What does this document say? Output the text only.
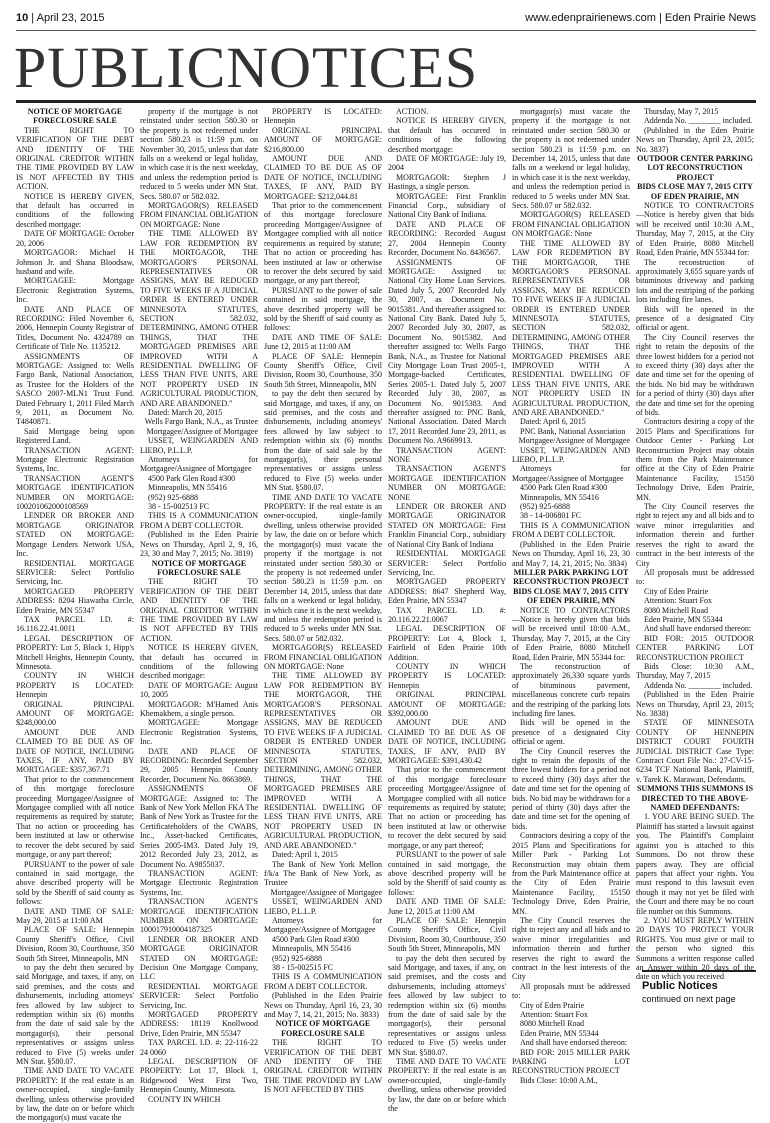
10 | April 23, 2015	www.edenprairienews.com | Eden Prairie News
PUBLICNOTICES

NOTICE OF MORTGAGE FORECLOSURE SALE

THE RIGHT TO VERIFICATION OF THE DEBT AND IDENTITY OF THE ORIGINAL CREDITOR WITHIN THE TIME PROVIDED BY LAW IS NOT AFFECTED BY THIS ACTION.

NOTICE IS HEREBY GIVEN, that default has occurred in conditions of the following described mortgage:

DATE OF MORTGAGE: October 20, 2006

MORTGAGOR: Michael H Johnson Jr. and Shana Bloodsaw, husband and wife.

MORTGAGEE: Mortgage Electronic Registration Systems, Inc.

DATE AND PLACE OF RECORDING: Filed November 6, 2006, Hennepin County Registrar of Titles, Document No. 4324789 on Certificate of Title No. 1135212.

ASSIGNMENTS OF MORTGAGE: Assigned to: Wells Fargo Bank, National Association, as Trustee for the Holders of the SASCO 2007-MLN1 Trust Fund. Dated February 1, 2011 Filed March 9, 2011, as Document No. T4840871.

Said Mortgage being upon Registered Land.

TRANSACTION AGENT: Mortgage Electronic Registration Systems, Inc.

TRANSACTION AGENT'S MORTGAGE IDENTIFICATION NUMBER ON MORTGAGE: 100201062000108569

LENDER OR BROKER AND MORTGAGE ORIGINATOR STATED ON MORTGAGE: Mortgage Lenders Network USA, Inc.

RESIDENTIAL MORTGAGE SERVICER: Select Portfolio Servicing, Inc.

MORTGAGED PROPERTY ADDRESS: 8204 Hiawatha Circle, Eden Prairie, MN 55347

TAX PARCEL I.D. #: 16.116.22.41.0011

LEGAL DESCRIPTION OF PROPERTY: Lot 5, Block 1, Hipp's Mitchell Heights, Hennepin County, Minnesota.

COUNTY IN WHICH PROPERTY IS LOCATED: Hennepin

ORIGINAL PRINCIPAL AMOUNT OF MORTGAGE: $248,000.00

AMOUNT DUE AND CLAIMED TO BE DUE AS OF DATE OF NOTICE, INCLUDING TAXES, IF ANY, PAID BY MORTGAGEE: $357,367.71

That prior to the commencement of this mortgage foreclosure proceeding Mortgagee/Assignee of Mortgagee complied with all notice requirements as required by statute; That no action or proceeding has been instituted at law or otherwise to recover the debt secured by said mortgage, or any part thereof;

PURSUANT to the power of sale contained in said mortgage, the above described property will be sold by the Sheriff of said county as follows:

DATE AND TIME OF SALE: May 29, 2015 at 11:00 AM

PLACE OF SALE: Hennepin County Sheriff's Office, Civil Division, Room 30, Courthouse, 350 South 5th Street, Minneapolis, MN

to pay the debt then secured by said Mortgage, and taxes, if any, on said premises, and the costs and disbursements, including attorneys' fees allowed by law subject to redemption within six (6) months from the date of said sale by the mortgagor(s), their personal representatives or assigns unless reduced to Five (5) weeks under MN Stat. §580.07.

TIME AND DATE TO VACATE PROPERTY: If the real estate is an owner-occupied, single-family dwelling, unless otherwise provided by law, the date on or before which the mortgagor(s) must vacate the

property if the mortgage is not reinstated under section 580.30 or the property is not redeemed under section 580.23 is 11:59 p.m. on November 30, 2015, unless that date falls on a weekend or legal holiday, in which case it is the next weekday, and unless the redemption period is reduced to 5 weeks under MN Stat. Secs. 580.07 or 582.032.

MORTGAGOR(S) RELEASED FROM FINANCIAL OBLIGATION ON MORTGAGE: None

THE TIME ALLOWED BY LAW FOR REDEMPTION BY THE MORTGAGOR, THE MORTGAGOR'S PERSONAL REPRESENTATIVES OR ASSIGNS, MAY BE REDUCED TO FIVE WEEKS IF A JUDICIAL ORDER IS ENTERED UNDER MINNESOTA STATUTES, SECTION 582.032, DETERMINING, AMONG OTHER THINGS, THAT THE MORTGAGED PREMISES ARE IMPROVED WITH A RESIDENTIAL DWELLING OF LESS THAN FIVE UNITS, ARE NOT PROPERTY USED IN AGRICULTURAL PRODUCTION, AND ARE ABANDONED."

Dated: March 20, 2015

Wells Fargo Bank, N.A., as Trustee

Mortgagee/Assignee of Mortgagee

USSET, WEINGARDEN AND LIEBO, P.L.L.P.

Attorneys for Mortgagee/Assignee of Mortgagee

4500 Park Glen Road #300

Minneapolis, MN 55416

(952) 925-6888

38 - 15-002513 FC

THIS IS A COMMUNICATION FROM A DEBT COLLECTOR.

(Published in the Eden Prairie News on Thursday, April 2, 9, 16, 23, 30 and May 7, 2015; No. 3819)

NOTICE OF MORTGAGE FORECLOSURE SALE

THE RIGHT TO VERIFICATION OF THE DEBT AND IDENTITY OF THE ORIGINAL CREDITOR WITHIN THE TIME PROVIDED BY LAW IS NOT AFFECTED BY THIS ACTION.

NOTICE IS HEREBY GIVEN, that default has occurred in conditions of the following described mortgage:

DATE OF MORTGAGE: August 10, 2005

MORTGAGOR: M'Hamed Anis Khemakhem, a single person.

MORTGAGEE: Mortgage Electronic Registration Systems, Inc.

DATE AND PLACE OF RECORDING: Recorded September 29, 2005 Hennepin County Recorder, Document No. 8663869.

ASSIGNMENTS OF MORTGAGE: Assigned to: The Bank of New York Mellon FKA The Bank of New York as Trustee for the Certificateholders of the CWABS, Inc., Asset-backed Certificates, Series 2005-IM3. Dated July 19, 2012 Recorded July 23, 2012, as Document No. A9855037.

TRANSACTION AGENT: Mortgage Electronic Registration Systems, Inc.

TRANSACTION AGENT'S MORTGAGE IDENTIFICATION NUMBER ON MORTGAGE: 100017910004187325

LENDER OR BROKER AND MORTGAGE ORIGINATOR STATED ON MORTGAGE: Decision One Mortgage Company, LLC

RESIDENTIAL MORTGAGE SERVICER: Select Portfolio Servicing, Inc.

MORTGAGED PROPERTY ADDRESS: 18119 Knollwood Drive, Eden Prairie, MN 55347

TAX PARCEL I.D. #: 22-116-22 24 0060

LEGAL DESCRIPTION OF PROPERTY: Lot 17, Block 1, Ridgewood West First Two, Hennepin County, Minnesota.

COUNTY IN WHICH

PROPERTY IS LOCATED: Hennepin

ORIGINAL PRINCIPAL AMOUNT OF MORTGAGE: $216,800.00

AMOUNT DUE AND CLAIMED TO BE DUE AS OF DATE OF NOTICE, INCLUDING TAXES, IF ANY, PAID BY MORTGAGEE: $212,044.81

That prior to the commencement of this mortgage foreclosure proceeding Mortgagee/Assignee of Mortgagee complied with all notice requirements as required by statute; That no action or proceeding has been instituted at law or otherwise to recover the debt secured by said mortgage, or any part thereof;

PURSUANT to the power of sale contained in said mortgage, the above described property will be sold by the Sheriff of said county as follows:

DATE AND TIME OF SALE: June 12, 2015 at 11:00 AM

PLACE OF SALE: Hennepin County Sheriff's Office, Civil Division, Room 30, Courthouse, 350 South 5th Street, Minneapolis, MN

to pay the debt then secured by said Mortgage, and taxes, if any, on said premises, and the costs and disbursements, including attorneys' fees allowed by law subject to redemption within six (6) months from the date of said sale by the mortgagor(s), their personal representatives or assigns unless reduced to Five (5) weeks under MN Stat. §580.07.

TIME AND DATE TO VACATE PROPERTY: If the real estate is an owner-occupied, single-family dwelling, unless otherwise provided by law, the date on or before which the mortgagor(s) must vacate the property if the mortgage is not reinstated under section 580.30 or the property is not redeemed under section 580.23 is 11:59 p.m. on December 14, 2015, unless that date falls on a weekend or legal holiday, in which case it is the next weekday, and unless the redemption period is reduced to 5 weeks under MN Stat. Secs. 580.07 or 582.032.

MORTGAGOR(S) RELEASED FROM FINANCIAL OBLIGATION ON MORTGAGE: None

THE TIME ALLOWED BY LAW FOR REDEMPTION BY THE MORTGAGOR, THE MORTGAGOR'S PERSONAL REPRESENTATIVES OR ASSIGNS, MAY BE REDUCED TO FIVE WEEKS IF A JUDICIAL ORDER IS ENTERED UNDER MINNESOTA STATUTES, SECTION 582.032, DETERMINING, AMONG OTHER THINGS, THAT THE MORTGAGED PREMISES ARE IMPROVED WITH A RESIDENTIAL DWELLING OF LESS THAN FIVE UNITS, ARE NOT PROPERTY USED IN AGRICULTURAL PRODUCTION, AND ARE ABANDONED."

Dated: April 1, 2015

The Bank of New York Mellon f/k/a The Bank of New York, as Trustee

Mortgagee/Assignee of Mortgagee

USSET, WEINGARDEN AND LIEBO, P.L.L.P.

Attorneys for Mortgagee/Assignee of Mortgagee

4500 Park Glen Road #300

Minneapolis, MN 55416

(952) 925-6888

38 - 15-002515 FC

THIS IS A COMMUNICATION FROM A DEBT COLLECTOR.

(Published in the Eden Prairie News on Thursday, April 16, 23, 30 and May 7, 14, 21, 2015; No. 3833)

NOTICE OF MORTGAGE FORECLOSURE SALE

THE RIGHT TO VERIFICATION OF THE DEBT AND IDENTITY OF THE ORIGINAL CREDITOR WITHIN THE TIME PROVIDED BY LAW IS NOT AFFECTED BY THIS

ACTION.

NOTICE IS HEREBY GIVEN, that default has occurred in conditions of the following described mortgage:

DATE OF MORTGAGE: July 19, 2004

MORTGAGOR: Stephen J Hastings, a single person.

MORTGAGEE: First Franklin Financial Corp., subsidiary of National City Bank of Indiana.

DATE AND PLACE OF RECORDING: Recorded August 27, 2004 Hennepin County Recorder, Document No. 8436567.

ASSIGNMENTS OF MORTGAGE: Assigned to: National City Home Loan Services. Dated July 5, 2007 Recorded July 30, 2007, as Document No. 9015381. And thereafter assigned to: National City Bank. Dated July 5, 2007 Recorded July 30, 2007, as Document No. 9015382. And thereafter assigned to: Wells Fargo Bank, N.A., as Trustee for National City Mortgage Loan Trust 2005-1, Mortgage-backed Certificates, Series 2005-1. Dated July 5, 2007 Recorded July 30, 2007, as Document No. 9015383. And thereafter assigned to: PNC Bank, National Association. Dated March 17, 2011 Recorded June 23, 2011, as Document No. A9669913.

TRANSACTION AGENT: NONE

TRANSACTION AGENT'S MORTGAGE IDENTIFICATION NUMBER ON MORTGAGE: NONE

LENDER OR BROKER AND MORTGAGE ORIGINATOR STATED ON MORTGAGE: First Franklin Financial Corp., subsidiary of National City Bank of Indiana

RESIDENTIAL MORTGAGE SERVICER: Select Portfolio Servicing, Inc.

MORTGAGED PROPERTY ADDRESS: 8647 Shepherd Way, Eden Prairie, MN 55347

TAX PARCEL I.D. #: 20.116.22.21.0067

LEGAL DESCRIPTION OF PROPERTY: Lot 4, Block 1, Fairfield of Eden Prairie 10th Addition.

COUNTY IN WHICH PROPERTY IS LOCATED: Hennepin

ORIGINAL PRINCIPAL AMOUNT OF MORTGAGE: $392,000.00

AMOUNT DUE AND CLAIMED TO BE DUE AS OF DATE OF NOTICE, INCLUDING TAXES, IF ANY, PAID BY MORTGAGEE: $391,430.42

That prior to the commencement of this mortgage foreclosure proceeding Mortgagee/Assignee of Mortgagee complied with all notice requirements as required by statute; That no action or proceeding has been instituted at law or otherwise to recover the debt secured by said mortgage, or any part thereof;

PURSUANT to the power of sale contained in said mortgage, the above described property will be sold by the Sheriff of said county as follows:

DATE AND TIME OF SALE: June 12, 2015 at 11:00 AM

PLACE OF SALE: Hennepin County Sheriff's Office, Civil Division, Room 30, Courthouse, 350 South 5th Street, Minneapolis, MN

to pay the debt then secured by said Mortgage, and taxes, if any, on said premises, and the costs and disbursements, including attorneys' fees allowed by law subject to redemption within six (6) months from the date of said sale by the mortgagor(s), their personal representatives or assigns unless reduced to Five (5) weeks under MN Stat. §580.07.

TIME AND DATE TO VACATE PROPERTY: If the real estate is an owner-occupied, single-family dwelling, unless otherwise provided by law, the date on or before which the

mortgagor(s) must vacate the property if the mortgage is not reinstated under section 580.30 or the property is not redeemed under section 580.23 is 11:59 p.m. on December 14, 2015, unless that date falls on a weekend or legal holiday, in which case it is the next weekday, and unless the redemption period is reduced to 5 weeks under MN Stat. Secs. 580.07 or 582.032.

MORTGAGOR(S) RELEASED FROM FINANCIAL OBLIGATION ON MORTGAGE: None

THE TIME ALLOWED BY LAW FOR REDEMPTION BY THE MORTGAGOR, THE MORTGAGOR'S PERSONAL REPRESENTATIVES OR ASSIGNS, MAY BE REDUCED TO FIVE WEEKS IF A JUDICIAL ORDER IS ENTERED UNDER MINNESOTA STATUTES, SECTION 582.032, DETERMINING, AMONG OTHER THINGS, THAT THE MORTGAGED PREMISES ARE IMPROVED WITH A RESIDENTIAL DWELLING OF LESS THAN FIVE UNITS, ARE NOT PROPERTY USED IN AGRICULTURAL PRODUCTION, AND ARE ABANDONED."

Dated: April 6, 2015

PNC Bank, National Association

Mortgagee/Assignee of Mortgagee

USSET, WEINGARDEN AND LIEBO, P.L.L.P.

Attorneys for Mortgagee/Assignee of Mortgagee

4500 Park Glen Road #300

Minneapolis, MN 55416

(952) 925-6888

38 - 14-006801 FC

THIS IS A COMMUNICATION FROM A DEBT COLLECTOR.

(Published in the Eden Prairie News on Thursday, April 16, 23, 30 and May 7, 14, 21, 2015; No. 3834)

MILLER PARK PARKING LOT RECONSTRUCTION PROJECT

BIDS CLOSE MAY 7, 2015 CITY OF EDEN PRAIRIE, MN

NOTICE TO CONTRACTORS—Notice is hereby given that bids will be received until 10:00 A.M., Thursday, May 7, 2015, at the City of Eden Prairie, 8080 Mitchell Road, Eden Prairie, MN 55344 for:

The reconstruction of approximately 26,330 square yards of bituminous pavement, miscellaneous concrete curb repairs and the restriping of the parking lots including fire lanes.

Bids will be opened in the presence of a designated City official or agent.

The City Council reserves the right to retain the deposits of the three lowest bidders for a period not to exceed thirty (30) days after the date and time set for the opening of bids. No bid may be withdrawn for a period of thirty (30) days after the date and time set for the opening of bids.

Contractors desiring a copy of the 2015 Plans and Specifications for Miller Park - Parking Lot Reconstruction may obtain them from the Park Maintenance office at the City of Eden Prairie Maintenance Facility, 15150 Technology Drive, Eden Prairie, MN.

The City Council reserves the right to reject any and all bids and to waive minor irregularities and information therein and further reserves the right to award the contract in the best interests of the City

All proposals must be addressed to:

City of Eden Prairie

Attention: Stuart Fox

8080 Mitchell Road

Eden Prairie, MN 55344

And shall have endorsed thereon:

BID FOR: 2015 MILLER PARK PARKING LOT RECONSTRUCTION PROJECT

Bids Close: 10:00 A.M.,

Thursday, May 7, 2015

Addenda No. ________ included.

(Published in the Eden Prairie News on Thursday, April 23, 2015; No. 3837)

OUTDOOR CENTER PARKING LOT RECONSTRUCTION PROJECT

BIDS CLOSE MAY 7, 2015 CITY OF EDEN PRAIRIE, MN

NOTICE TO CONTRACTORS—Notice is hereby given that bids will be received until 10:30 A.M., Thursday, May 7, 2015, at the City of Eden Prairie, 8080 Mitchell Road, Eden Prairie, MN 55344 for:

The reconstruction of approximately 3,655 square yards of bituminous driveway and parking lots and the restriping of the parking lots including fire lanes.

Bids will be opened in the presence of a designated City official or agent.

The City Council reserves the right to retain the deposits of the three lowest bidders for a period not to exceed thirty (30) days after the date and time set for the opening of the bids. No bid may be withdrawn for a period of thirty (30) days after the date and time set for the opening of bids.

Contractors desiring a copy of the 2015 Plans and Specifications for Outdoor Center - Parking Lot Reconstruction Project may obtain them from the Park Maintenance office at the City of Eden Prairie Maintenance Facility, 15150 Technology Drive, Eden Prairie, MN.

The City Council reserves the right to reject any and all bids and to waive minor irregularities and information therein and further reserves the right to award the contract in the best interests of the City

All proposals must be addressed to:

City of Eden Prairie

Attention: Stuart Fox

8080 Mitchell Road

Eden Prairie, MN 55344

And shall have endorsed thereon:

BID FOR: 2015 OUTDOOR CENTER PARKING LOT RECONSTRUCTION PROJECT

Bids Close: 10:30 A.M., Thursday, May 7, 2015

Addenda No. ________ included.

(Published in the Eden Prairie News on Thursday, April 23, 2015; No. 3838)

STATE OF MINNESOTA COUNTY OF HENNEPIN DISTRICT COURT FOURTH JUDICIAL DISTRICT Case Type: Contract Court File No.: 27-CV-15-6234 TCF National Bank, Plaintiff, v. Tarek K. Marawan, Defendants.

SUMMONS THIS SUMMONS IS DIRECTED TO THE ABOVE-NAMED DEFENDANTS:

1. YOU ARE BEING SUED. The Plaintiff has started a lawsuit against you. The Plaintiff's Complaint against you is attached to this Summons. Do not throw these papers away. They are official papers that affect your rights. You must respond to this lawsuit even though it may not yet be filed with the Court and there may be no court file number on this Summons.

2. YOU MUST REPLY WITHIN 20 DAYS TO PROTECT YOUR RIGHTS. You must give or mail to the person who signed this Summons a written response called an Answer within 20 days of the date on which you received

Public Notices
continued on next page
